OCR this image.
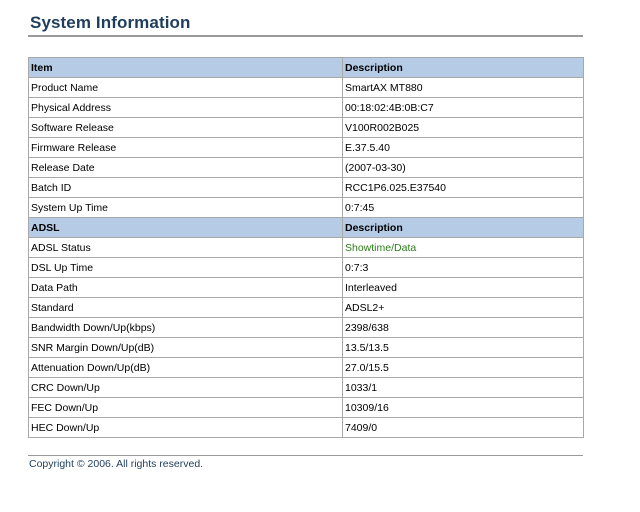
System Information
Item	Description
Product Name	SmartAX MT880
Physical Address	00:18:02:4B:0B:C7
Software Release	V100R002B025
Firmware Release	E.37.5.40
Release Date	(2007-03-30)
Batch ID	RCC1P6.025.E37540
System Up Time	0:7:45
ADSL	Description
ADSL Status	Showtime/Data
DSL Up Time	0:7:3
Data Path	Interleaved
Standard	ADSL2+
Bandwidth Down/Up(kbps)	2398/638
SNR Margin Down/Up(dB)	13.5/13.5
Attenuation Down/Up(dB)	27.0/15.5
CRC Down/Up	1033/1
FEC Down/Up	10309/16
HEC Down/Up	7409/0
Copyright © 2006. All rights reserved.
